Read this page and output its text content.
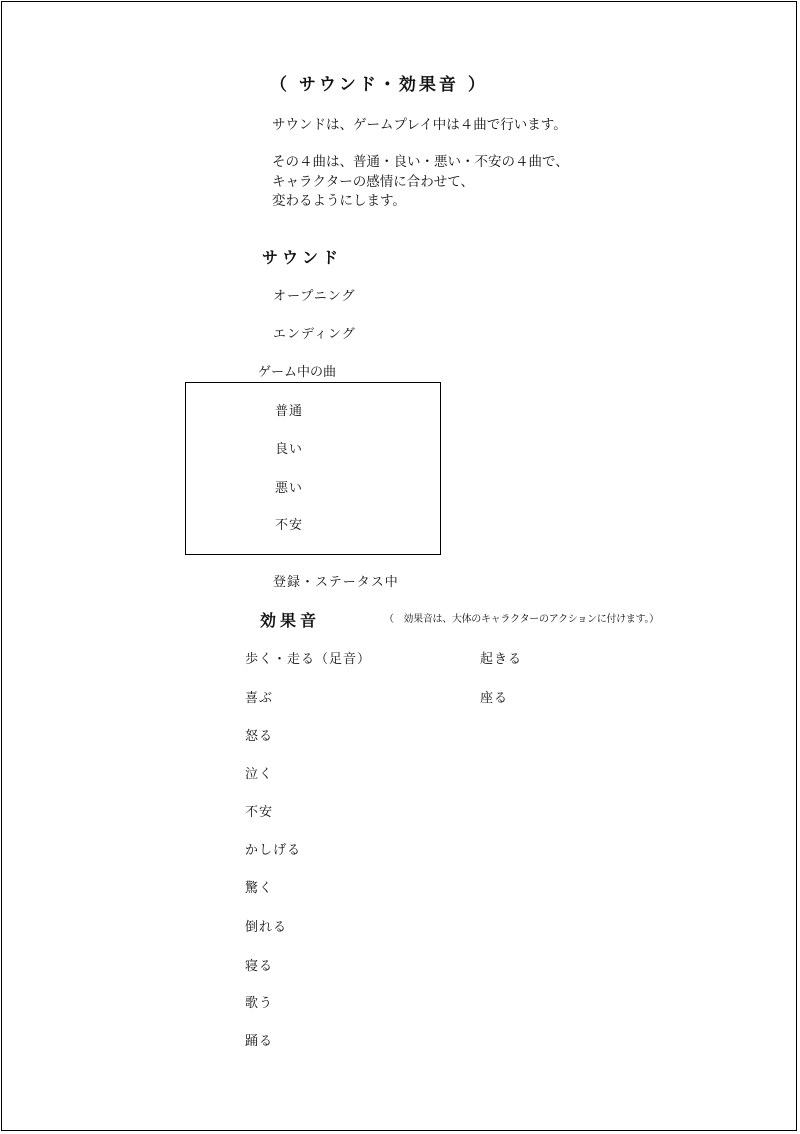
（ サウンド・効果音 ）
サウンドは、ゲームプレイ中は４曲で行います。
その４曲は、普通・良い・悪い・不安の４曲で、
キャラクターの感情に合わせて、
変わるようにします。
サウンド
オープニング
エンディング
ゲーム中の曲
普通
良い
悪い
不安
登録・ステータス中
効果音	（　効果音は、大体のキャラクターのアクションに付けます。）
歩く・走る（足音）
喜ぶ
怒る
泣く
不安
かしげる
驚く
倒れる
寝る
歌う
踊る
起きる
座る
